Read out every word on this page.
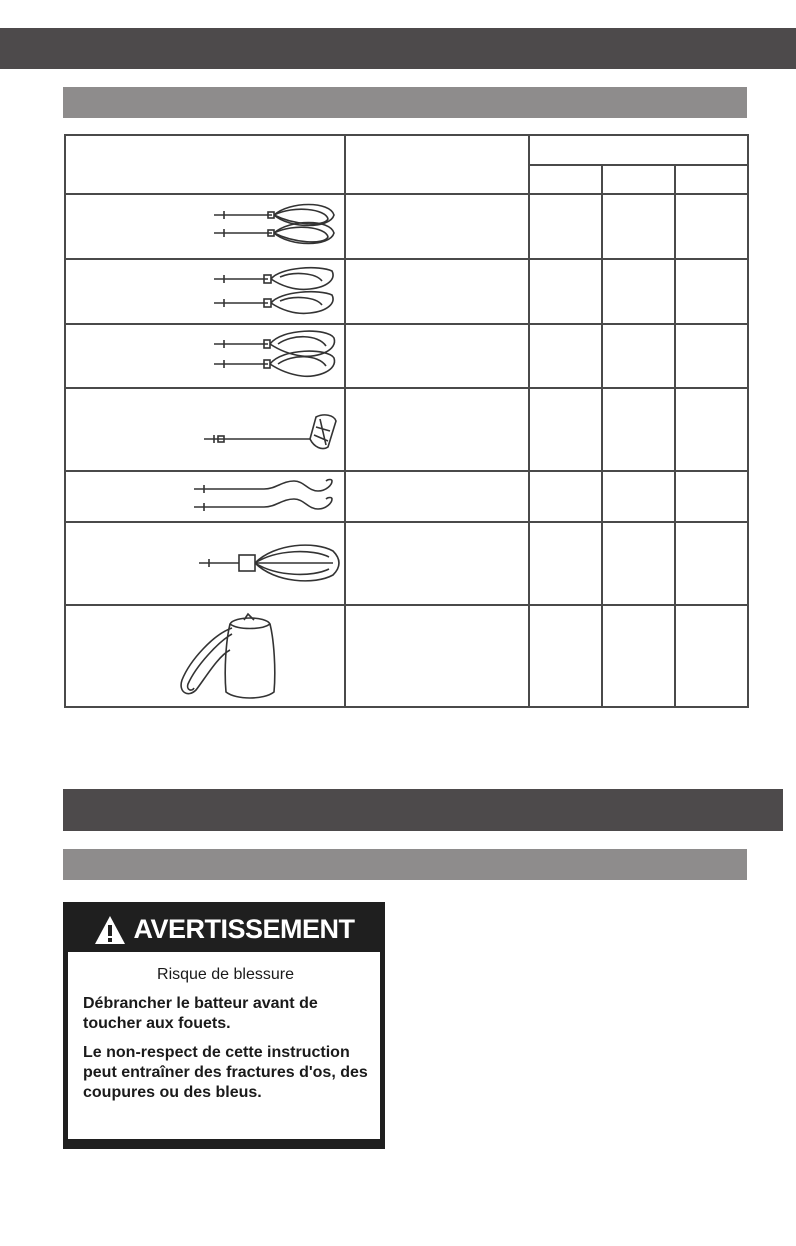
AVERTISSEMENT
Risque de blessure

Débrancher le batteur avant de toucher aux fouets.

Le non-respect de cette instruction peut entraîner des fractures d'os, des coupures ou des bleus.
